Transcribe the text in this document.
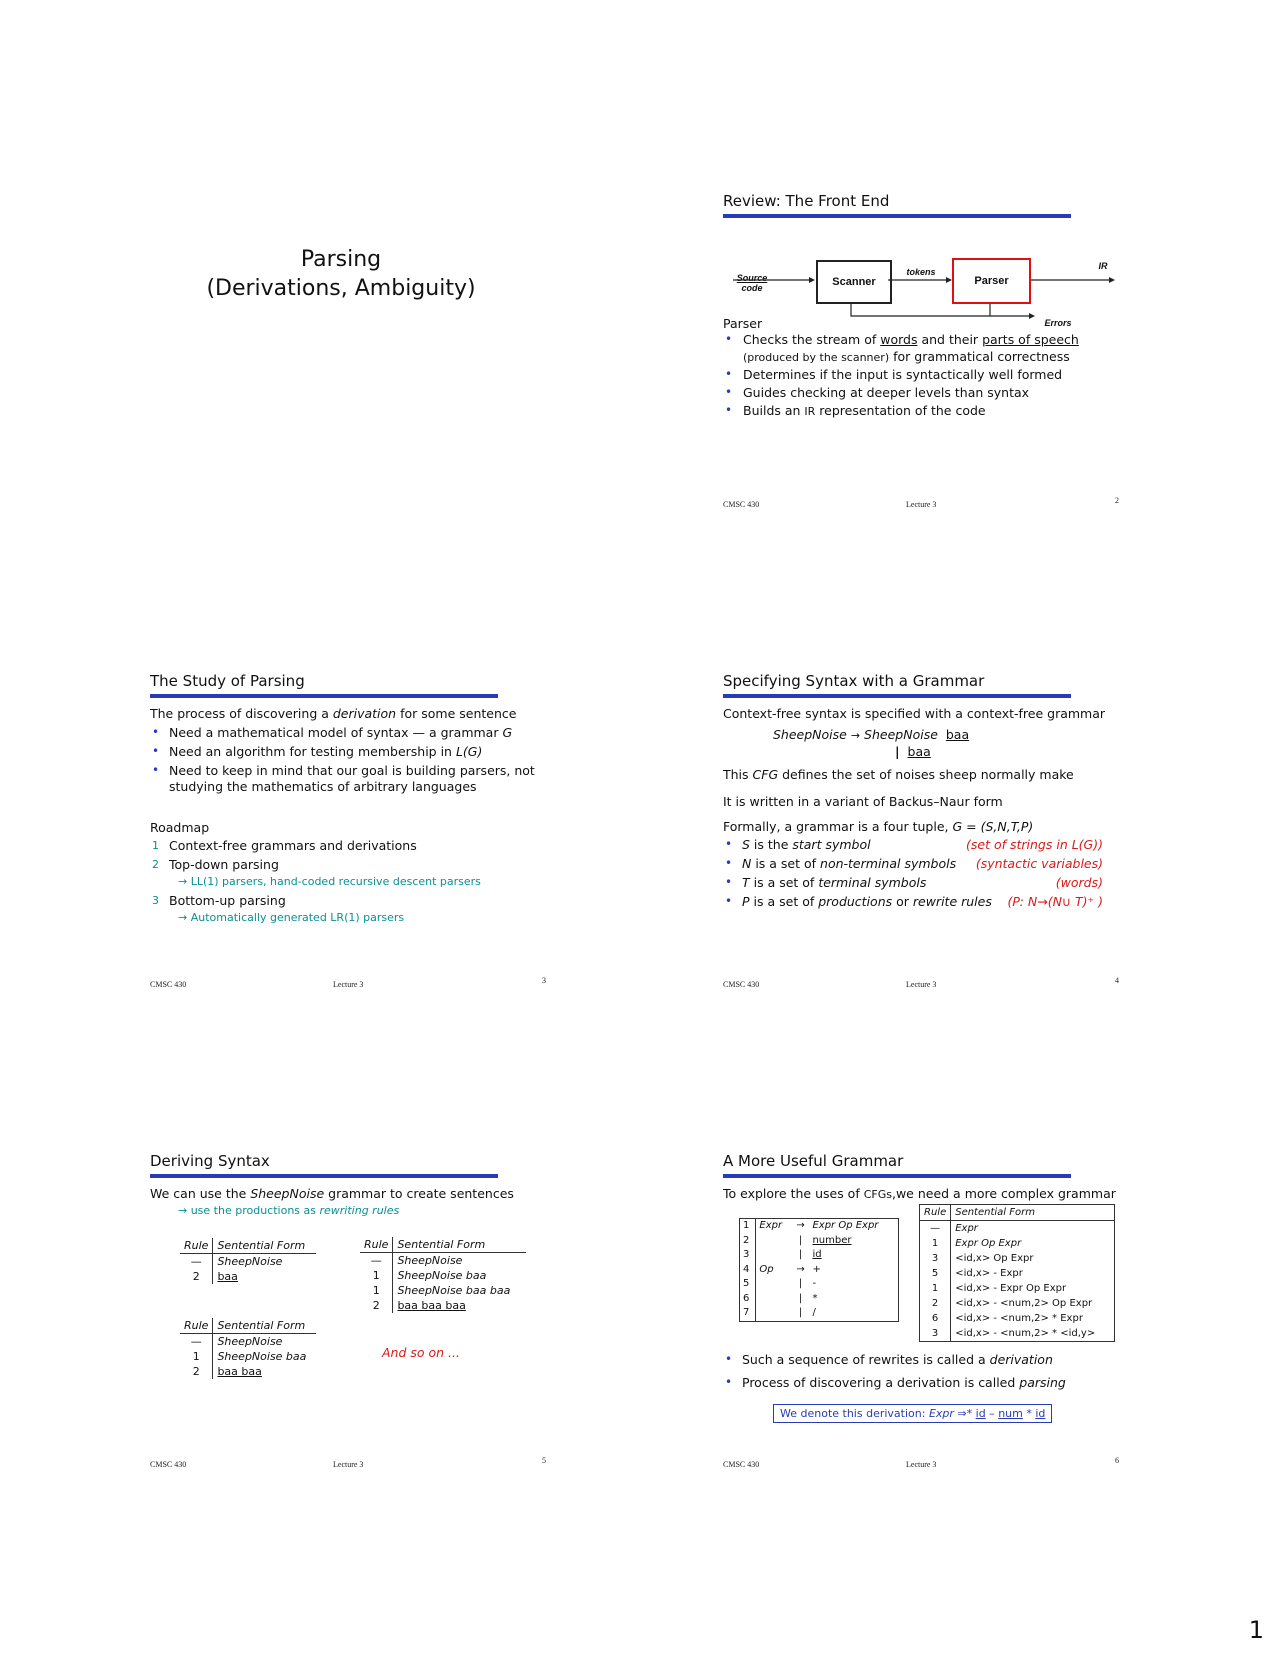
Parsing
(Derivations, Ambiguity)
Review: The Front End
Source
code	Scanner
tokens
Parser
IR
Errors
Parser
• Checks the stream of words and their parts of speech
(produced by the scanner) for grammatical correctness
• Determines if the input is syntactically well formed
• Guides checking at deeper levels than syntax
• Builds an IR representation of the code
CMSC 430	Lecture 3	2
The Study of Parsing
The process of discovering a derivation for some sentence
• Need a mathematical model of syntax — a grammar G
• Need an algorithm for testing membership in L(G)
• Need to keep in mind that our goal is building parsers, not
studying the mathematics of arbitrary languages
Roadmap
1 Context-free grammars and derivations
2 Top-down parsing
→ LL(1) parsers, hand-coded recursive descent parsers
3 Bottom-up parsing
→ Automatically generated LR(1) parsers
CMSC 430	Lecture 3	3
Specifying Syntax with a Grammar
Context-free syntax is specified with a context-free grammar
SheepNoise → SheepNoise baa
| baa
This CFG defines the set of noises sheep normally make
It is written in a variant of Backus–Naur form
Formally, a grammar is a four tuple, G = (S,N,T,P)
• S is the start symbol	(set of strings in L(G))
• N is a set of non-terminal symbols (syntactic variables)
• T is a set of terminal symbols	(words)
• P is a set of productions or rewrite rules (P: N→(N∪ T)⁺ )
CMSC 430	Lecture 3	4
Deriving Syntax
We can use the SheepNoise grammar to create sentences
→ use the productions as rewriting rules
Rule	Sentential Form
—	SheepNoise
2	baa
Rule	Sentential Form
—	SheepNoise
1	SheepNoise baa
2	baa baa
Rule	Sentential Form
—	SheepNoise
1	SheepNoise baa
1	SheepNoise baa baa
2	baa baa baa
And so on ...
CMSC 430	Lecture 3	5
A More Useful Grammar
To explore the uses of CFGs,we need a more complex grammar
1	Expr	→	Expr Op Expr
2		|	number
3		|	id
4	Op	→	+
5		|	-
6		|	*
7		|	/
Rule	Sentential Form
—	Expr
1	Expr Op Expr
3	<id,x> Op Expr
5	<id,x> - Expr
1	<id,x> - Expr Op Expr
2	<id,x> - <num,2> Op Expr
6	<id,x> - <num,2> * Expr
3	<id,x> - <num,2> * <id,y>
• Such a sequence of rewrites is called a derivation
• Process of discovering a derivation is called parsing
We denote this derivation: Expr ⇒* id – num * id
CMSC 430	Lecture 3	6
1
